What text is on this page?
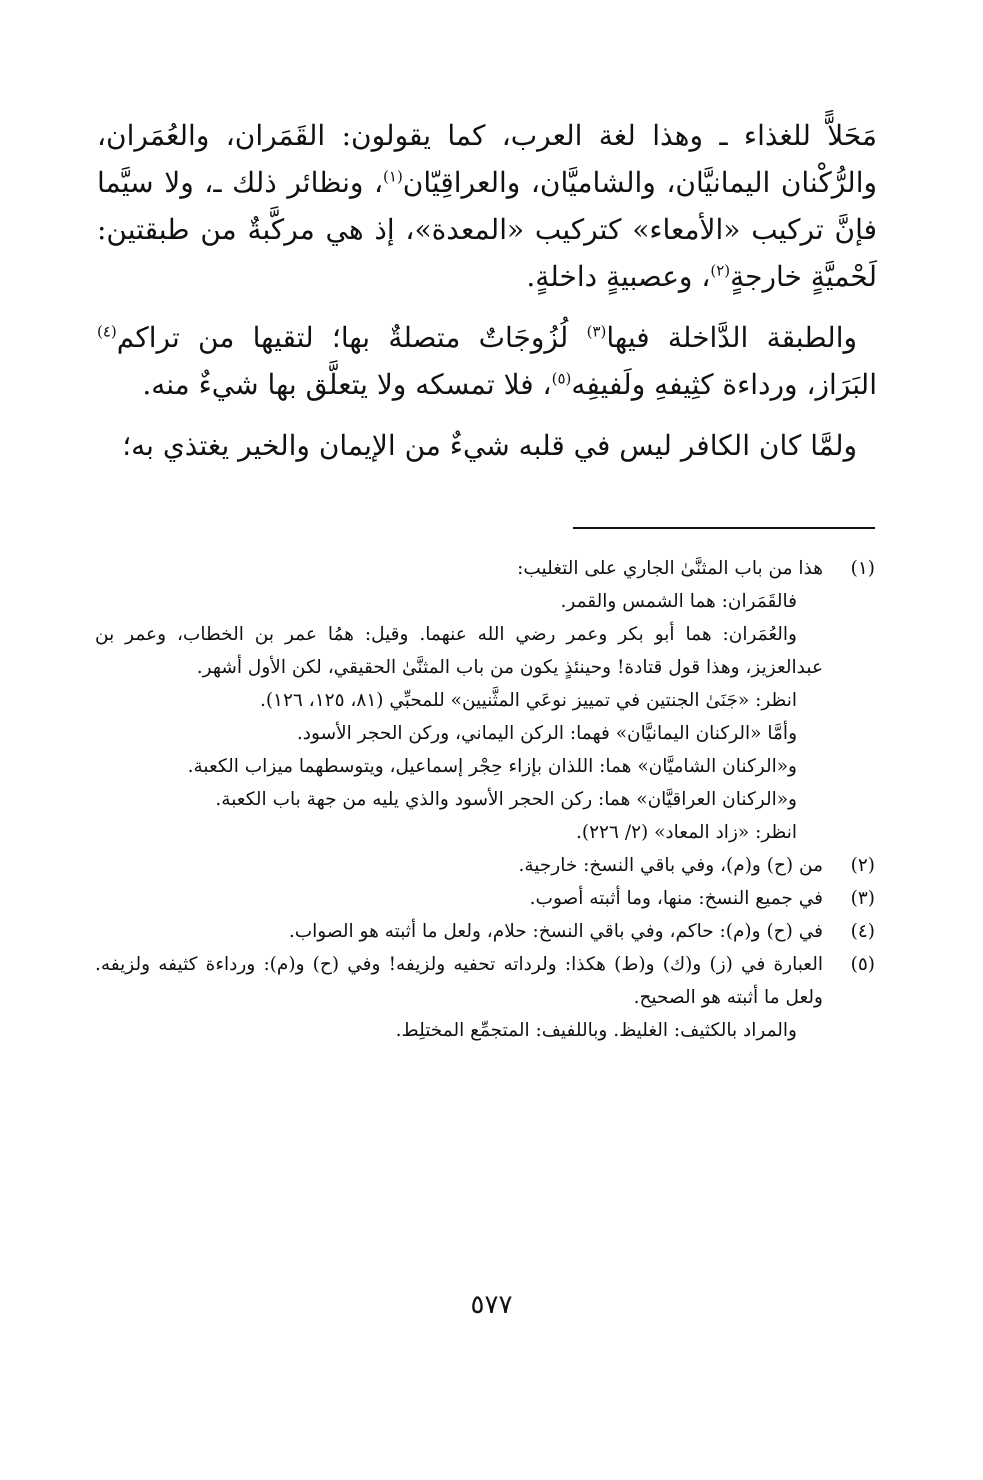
مَحَلاًّ للغذاء ـ وهذا لغة العرب، كما يقولون: القَمَران، والعُمَران، والرُّكْنان اليمانيَّان، والشاميَّان، والعراقِيّان$^{(١)}$، ونظائر ذلك ـ، ولا سيَّما فإنَّ تركيب «الأمعاء» كتركيب «المعدة»، إذ هي مركَّبةٌ من طبقتين: لَحْميَّةٍ خارجةٍ$^{(٢)}$، وعصبيةٍ داخلةٍ.

والطبقة الدَّاخلة فيها$^{(٣)}$ لُزُوجَاتٌ متصلةٌ بها؛ لتقيها من تراكم$^{(٤)}$ البَرَاز، ورداءة كثِيفهِ ولَفيفِه$^{(٥)}$، فلا تمسكه ولا يتعلَّق بها شيءٌ منه.

ولمَّا كان الكافر ليس في قلبه شيءٌ من الإيمان والخير يغتذي به؛

(١)
هذا من باب المثنَّىٰ الجاري على التغليب:
فالقَمَران: هما الشمس والقمر.
والعُمَران: هما أبو بكر وعمر رضي الله عنهما. وقيل: همُا عمر بن الخطاب، وعمر بن عبدالعزيز، وهذا قول قتادة! وحينئذٍ يكون من باب المثنَّىٰ الحقيقي، لكن الأول أشهر.
انظر: «جَنَىٰ الجنتين في تمييز نوعَي المثَّنيين» للمحبِّي (٨١، ١٢٥، ١٢٦).
وأمَّا «الركنان اليمانيَّان» فهما: الركن اليماني، وركن الحجر الأسود.
و«الركنان الشاميَّان» هما: اللذان بإزاء حِجْر إسماعيل، ويتوسطهما ميزاب الكعبة.
و«الركنان العراقيَّان» هما: ركن الحجر الأسود والذي يليه من جهة باب الكعبة.
انظر: «زاد المعاد» (٢/ ٢٢٦).
(٢)
من (ح) و(م)، وفي باقي النسخ: خارجية.
(٣)
في جميع النسخ: منها، وما أثبته أصوب.
(٤)
في (ح) و(م): حاكم، وفي باقي النسخ: حلام، ولعل ما أثبته هو الصواب.
(٥)
العبارة في (ز) و(ك) و(ط) هكذا: ولرداته تحفيه ولزيفه! وفي (ح) و(م): ورداءة كثيفه ولزيفه. ولعل ما أثبته هو الصحيح.
والمراد بالكثيف: الغليظ. وباللفيف: المتجمِّع المختلِط.
٥٧٧
